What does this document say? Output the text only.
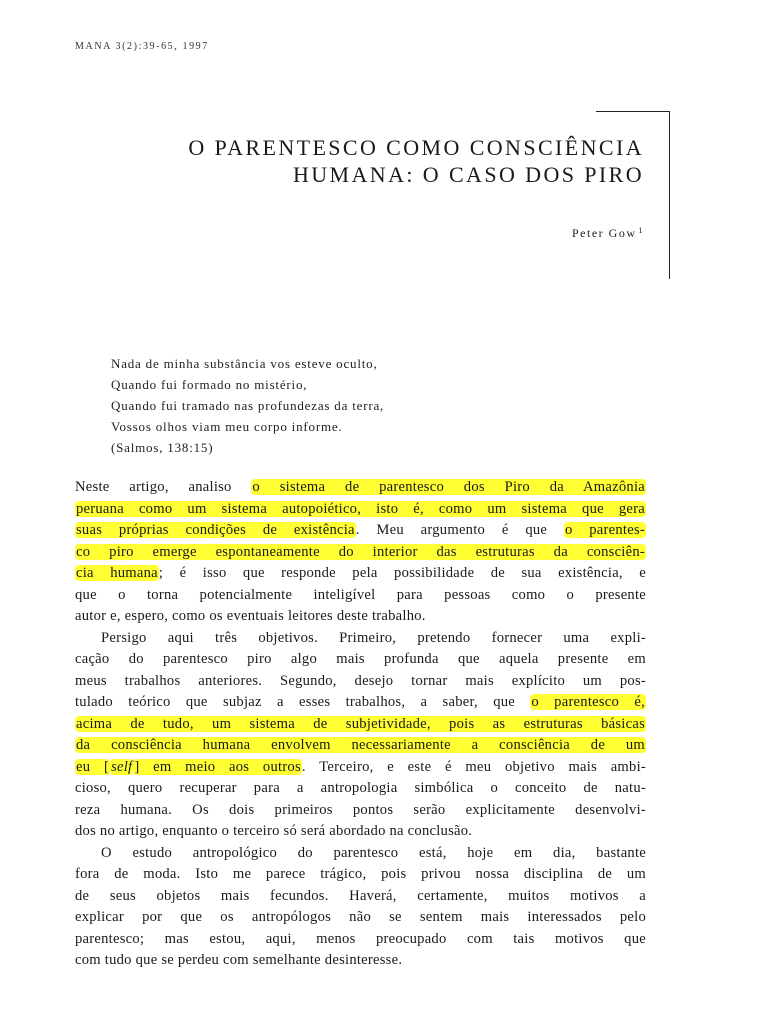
MANA 3(2):39-65, 1997
O PARENTESCO COMO CONSCIÊNCIA
HUMANA: O CASO DOS PIRO
Peter Gow $^1$
Nada de minha substância vos esteve oculto,
Quando fui formado no mistério,
Quando fui tramado nas profundezas da terra,
Vossos olhos viam meu corpo informe.
(Salmos, 138:15)
Neste artigo, analiso o sistema de parentesco dos Piro da Amazônia
peruana como um sistema autopoiético, isto é, como um sistema que gera
suas próprias condições de existência. Meu argumento é que o parentes-
co piro emerge espontaneamente do interior das estruturas da consciên-
cia humana; é isso que responde pela possibilidade de sua existência, e
que o torna potencialmente inteligível para pessoas como o presente
autor e, espero, como os eventuais leitores deste trabalho.
Persigo aqui três objetivos. Primeiro, pretendo fornecer uma expli-
cação do parentesco piro algo mais profunda que aquela presente em
meus trabalhos anteriores. Segundo, desejo tornar mais explícito um pos-
tulado teórico que subjaz a esses trabalhos, a saber, que o parentesco é,
acima de tudo, um sistema de subjetividade, pois as estruturas básicas
da consciência humana envolvem necessariamente a consciência de um
eu [ self ] em meio aos outros. Terceiro, e este é meu objetivo mais ambi-
cioso, quero recuperar para a antropologia simbólica o conceito de natu-
reza humana. Os dois primeiros pontos serão explicitamente desenvolvi-
dos no artigo, enquanto o terceiro só será abordado na conclusão.
O estudo antropológico do parentesco está, hoje em dia, bastante
fora de moda. Isto me parece trágico, pois privou nossa disciplina de um
de seus objetos mais fecundos. Haverá, certamente, muitos motivos a
explicar por que os antropólogos não se sentem mais interessados pelo
parentesco; mas estou, aqui, menos preocupado com tais motivos que
com tudo que se perdeu com semelhante desinteresse.
